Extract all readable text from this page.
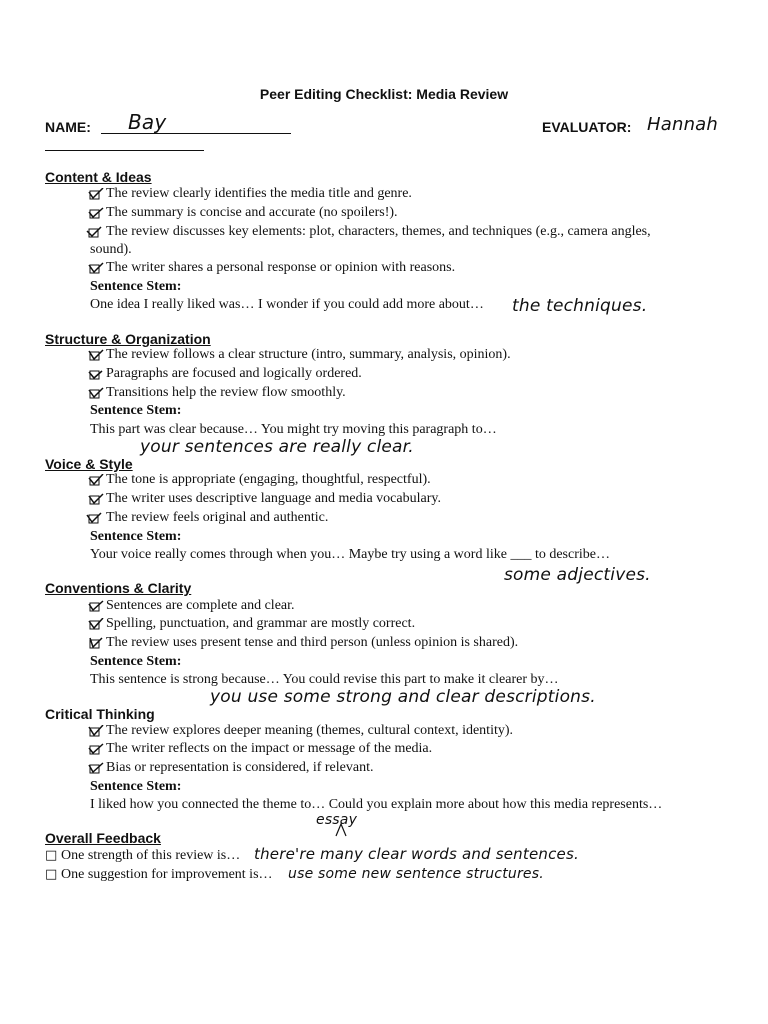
Peer Editing Checklist: Media Review
NAME: Bay	EVALUATOR: Hannah
Content & Ideas
The review clearly identifies the media title and genre.
The summary is concise and accurate (no spoilers!).
The review discusses key elements: plot, characters, themes, and techniques (e.g., camera angles,
sound).
The writer shares a personal response or opinion with reasons.
Sentence Stem:
One idea I really liked was… I wonder if you could add more about… the techniques.
Structure & Organization
The review follows a clear structure (intro, summary, analysis, opinion).
Paragraphs are focused and logically ordered.
Transitions help the review flow smoothly.
Sentence Stem:
This part was clear because… You might try moving this paragraph to…
your sentences are really clear.
Voice & Style
The tone is appropriate (engaging, thoughtful, respectful).
The writer uses descriptive language and media vocabulary.
The review feels original and authentic.
Sentence Stem:
Your voice really comes through when you… Maybe try using a word like ___ to describe…
some adjectives.
Conventions & Clarity
Sentences are complete and clear.
Spelling, punctuation, and grammar are mostly correct.
The review uses present tense and third person (unless opinion is shared).
Sentence Stem:
This sentence is strong because… You could revise this part to make it clearer by…
you use some strong and clear descriptions.
Critical Thinking
The review explores deeper meaning (themes, cultural context, identity).
The writer reflects on the impact or message of the media.
Bias or representation is considered, if relevant.
Sentence Stem:
I liked how you connected the theme to… Could you explain more about how this media represents…
essay
Overall Feedback
□ One strength of this review is… there're many clear words and sentences.
□ One suggestion for improvement is… use some new sentence structures.
